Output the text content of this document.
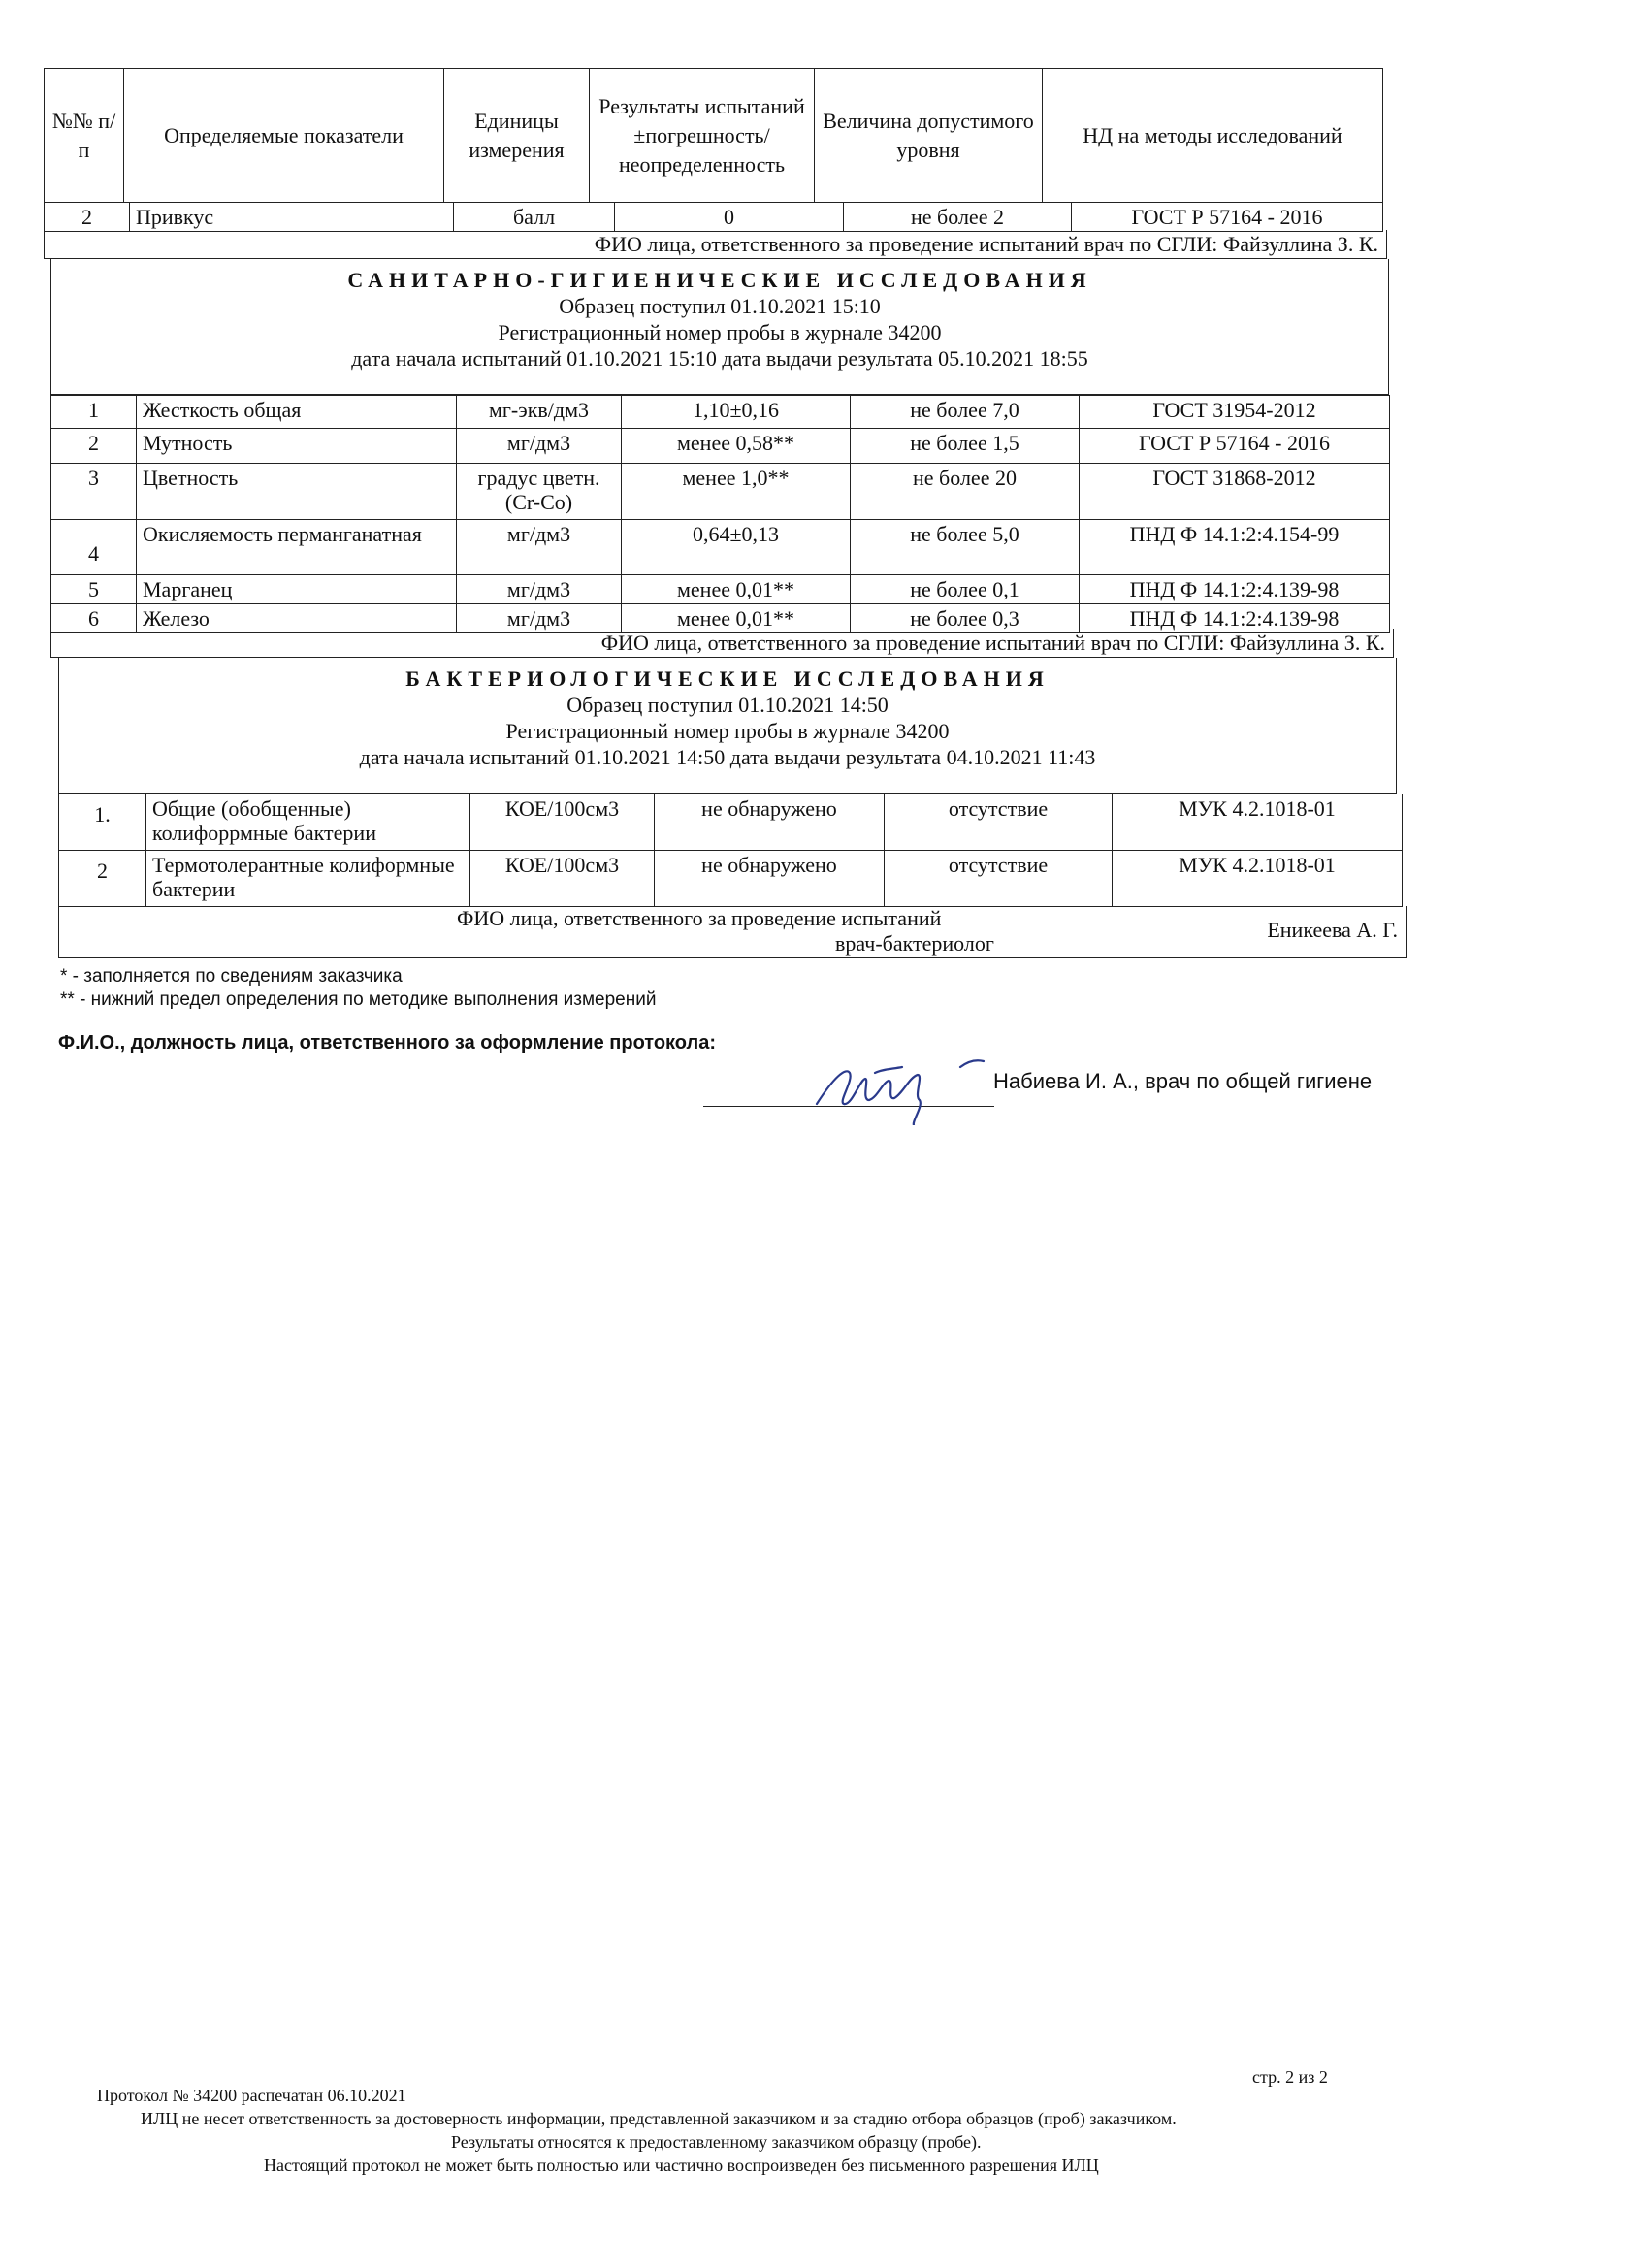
№№ п/п	Определяемые показатели	Единицы измерения	Результаты испытаний ±погрешность/ неопределенность	Величина допустимого уровня	НД на методы исследований
2	Привкус	балл	0	не более 2	ГОСТ Р 57164 - 2016
ФИО лица, ответственного за проведение испытаний врач по СГЛИ: Файзуллина З. К.
САНИТАРНО-ГИГИЕНИЧЕСКИЕ ИССЛЕДОВАНИЯ
Образец поступил 01.10.2021 15:10
Регистрационный номер пробы в журнале 34200
дата начала испытаний 01.10.2021 15:10 дата выдачи результата 05.10.2021 18:55
1	Жесткость общая	мг-экв/дм3	1,10±0,16	не более 7,0	ГОСТ 31954-2012
2	Мутность	мг/дм3	менее 0,58**	не более 1,5	ГОСТ Р 57164 - 2016
3	Цветность	градус цветн.(Cr-Co)	менее 1,0**	не более 20	ГОСТ 31868-2012
4	Окисляемость перманганатная	мг/дм3	0,64±0,13	не более 5,0	ПНД Ф 14.1:2:4.154-99
5	Марганец	мг/дм3	менее 0,01**	не более 0,1	ПНД Ф 14.1:2:4.139-98
6	Железо	мг/дм3	менее 0,01**	не более 0,3	ПНД Ф 14.1:2:4.139-98
ФИО лица, ответственного за проведение испытаний врач по СГЛИ: Файзуллина З. К.
БАКТЕРИОЛОГИЧЕСКИЕ ИССЛЕДОВАНИЯ
Образец поступил 01.10.2021 14:50
Регистрационный номер пробы в журнале 34200
дата начала испытаний 01.10.2021 14:50 дата выдачи результата 04.10.2021 11:43
1.	Общие (обобщенные) колифоррмные бактерии	КОЕ/100см3	не обнаружено	отсутствие	МУК 4.2.1018-01
2	Термотолерантные колиформные бактерии	КОЕ/100см3	не обнаружено	отсутствие	МУК 4.2.1018-01
ФИО лица, ответственного за проведение испытаний
врач-бактериолог
Еникеева А. Г.
* - заполняется по сведениям заказчика
** - нижний предел определения по методике выполнения измерений
Ф.И.О., должность лица, ответственного за оформление протокола:
Набиева И. А., врач по общей гигиене
стр. 2 из 2
Протокол № 34200 распечатан 06.10.2021
ИЛЦ не несет ответственность за достоверность информации, представленной заказчиком и за стадию отбора образцов (проб) заказчиком.
Результаты относятся к предоставленному заказчиком образцу (пробе).
Настоящий протокол не может быть полностью или частично воспроизведен без письменного разрешения ИЛЦ
